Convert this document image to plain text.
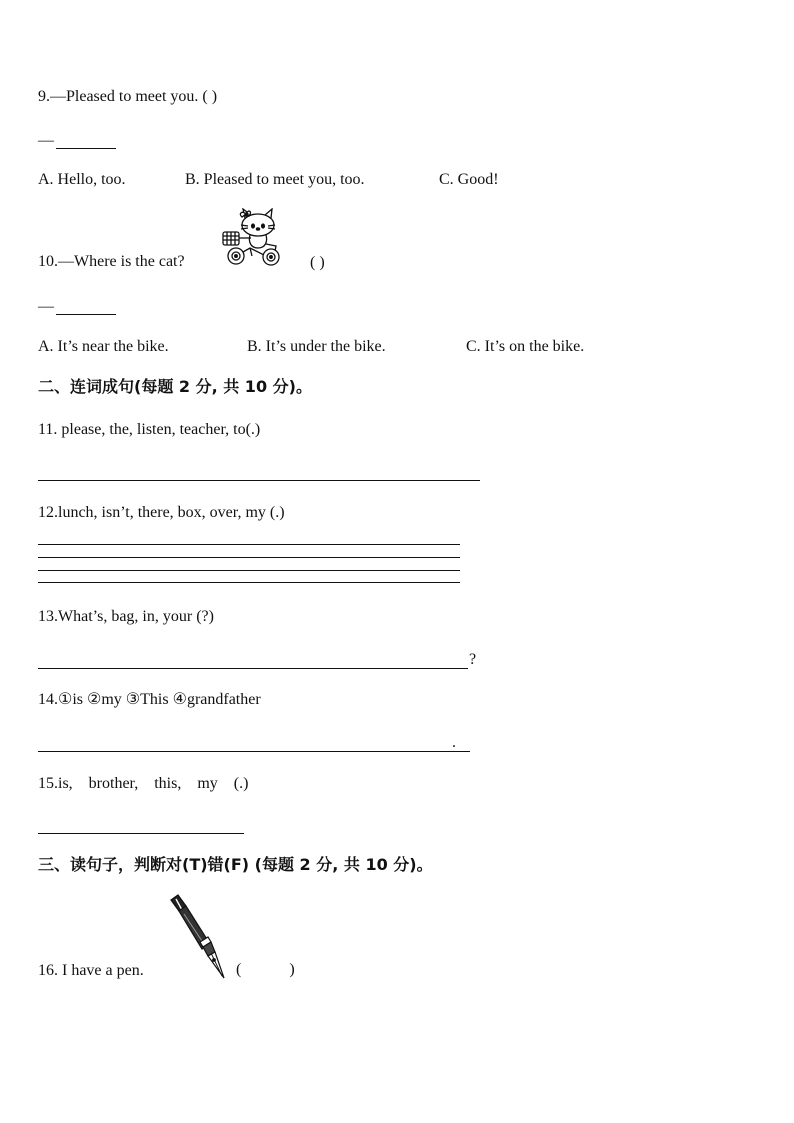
9.—Pleased to meet you. ( )
—
A. Hello, too.	B. Pleased to meet you, too.	C. Good!
10.—Where is the cat?	( )
—
A. It’s near the bike.	B. It’s under the bike.	C. It’s on the bike.
二、连词成句(每题 2 分, 共 10 分)。
11. please, the, listen, teacher, to(.)
12.lunch, isn’t, there, box, over, my (.)
13.What’s, bag, in, your (?)
?
14.①is ②my ③This ④grandfather
.
15.is,    brother,    this,    my    (.)
三、读句子，判断对(T)错(F) (每题 2 分, 共 10 分)。
16. I have a pen.	(            )
